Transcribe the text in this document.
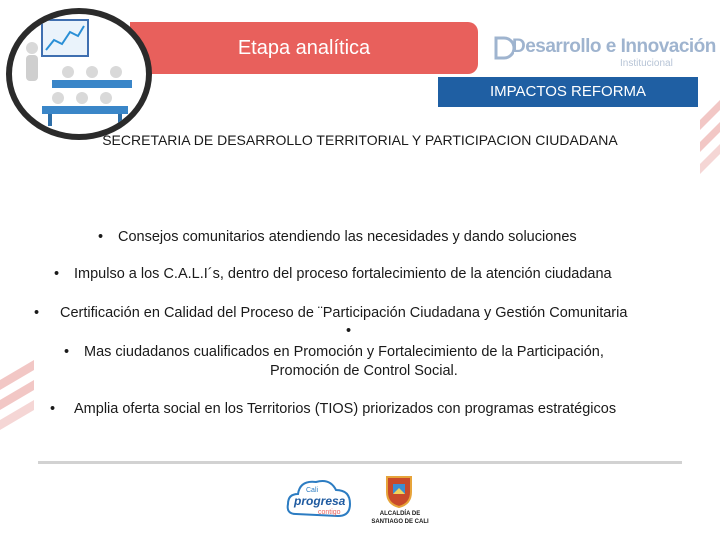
Etapa analítica	Desarrollo e Innovación
Institucional
IMPACTOS REFORMA
SECRETARIA DE DESARROLLO TERRITORIAL Y PARTICIPACION CIUDADANA
• Consejos comunitarios atendiendo las necesidades y dando soluciones
• Impulso a los C.A.L.I´s, dentro del proceso fortalecimiento de la atención ciudadana
• Certificación en Calidad del Proceso de ¨Participación Ciudadana y Gestión Comunitaria
•
• Mas ciudadanos cualificados en Promoción y Fortalecimiento de la Participación,
Promoción de Control Social.
• Amplia oferta social en los Territorios (TIOS) priorizados con programas estratégicos
Cali
progresa
contigo	ALCALDÍA DE
SANTIAGO DE CALI
